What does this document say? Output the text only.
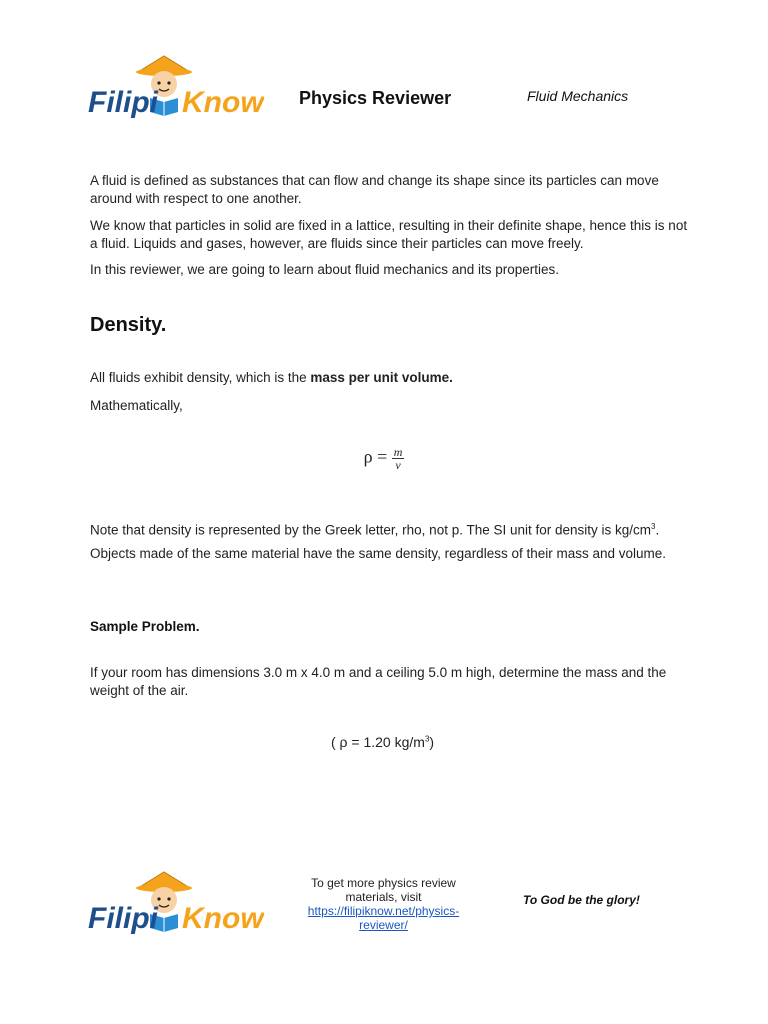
Filipi Know Physics Reviewer	Fluid Mechanics

A fluid is defined as substances that can flow and change its shape since its particles can move around with respect to one another.

We know that particles in solid are fixed in a lattice, resulting in their definite shape, hence this is not a fluid. Liquids and gases, however, are fluids since their particles can move freely.

In this reviewer, we are going to learn about fluid mechanics and its properties.

Density.

All fluids exhibit density, which is the mass per unit volume.

Mathematically,

$\rho = \frac{m}{v}$

Note that density is represented by the Greek letter, rho, not p. The SI unit for density is $kg/cm^3$.

Objects made of the same material have the same density, regardless of their mass and volume.

Sample Problem.

If your room has dimensions 3.0 m x 4.0 m and a ceiling 5.0 m high, determine the mass and the weight of the air.

( ρ = 1.20 $kg/m^3$)
Filipi Know
To get more physics review materials, visit
https://filipiknow.net/physics-reviewer/
To God be the glory!
